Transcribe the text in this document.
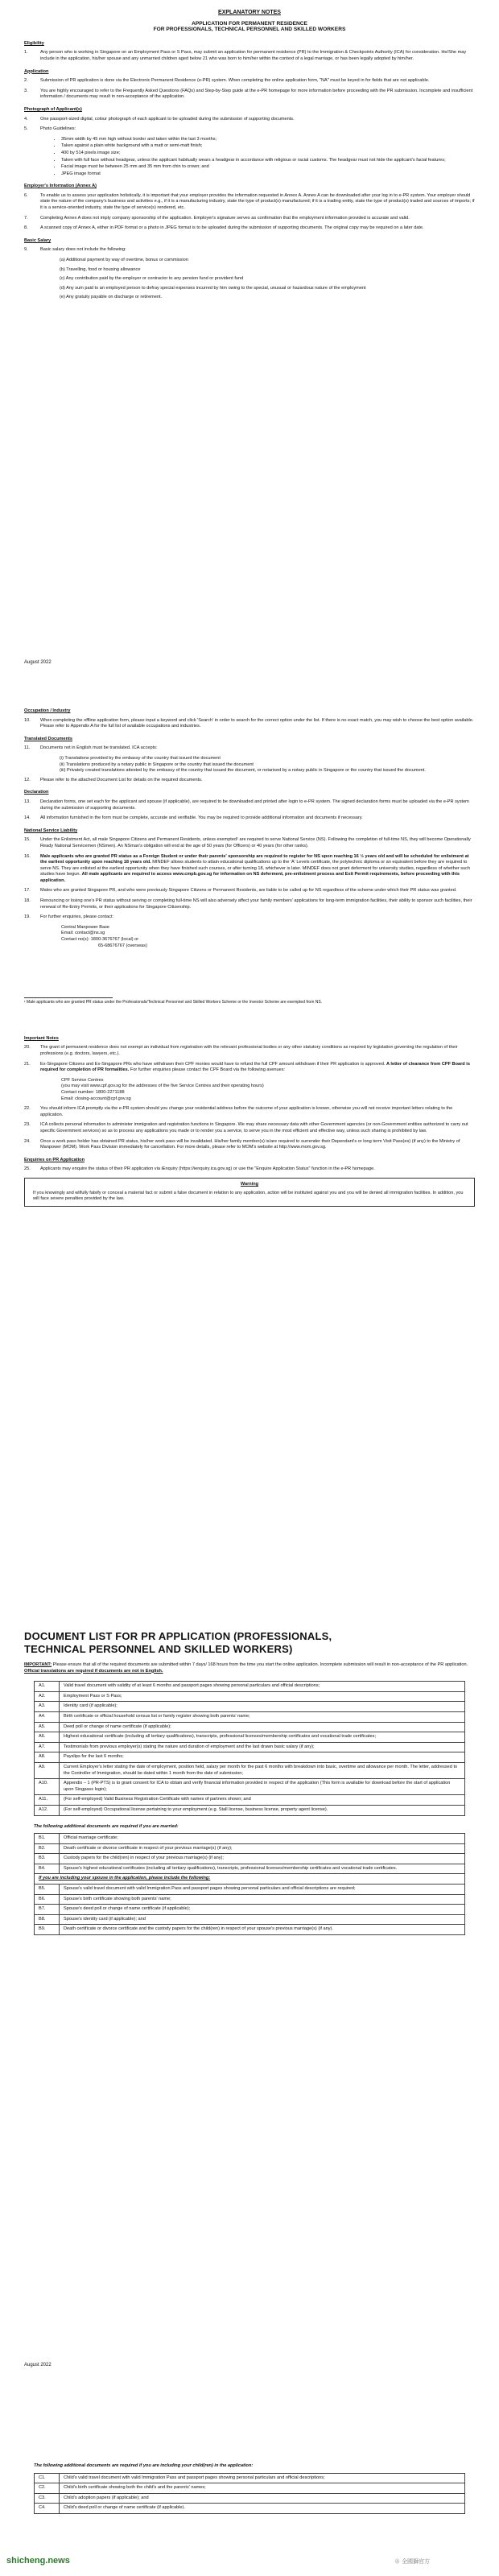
EXPLANATORY NOTES
APPLICATION FOR PERMANENT RESIDENCE
FOR PROFESSIONALS, TECHNICAL PERSONNEL AND SKILLED WORKERS
Eligibility
1.	Any person who is working in Singapore on an Employment Pass or S Pass, may submit an application for permanent residence (PR) to the Immigration & Checkpoints Authority (ICA) for consideration. He/She may include in the application, his/her spouse and any unmarried children aged below 21 who was born to him/her within the context of a legal marriage, or has been legally adopted by him/her.
Application
2.	Submission of PR application is done via the Electronic Permanent Residence (e-PR) system. When completing the online application form, "NA" must be keyed in for fields that are not applicable.
3.	You are highly encouraged to refer to the Frequently Asked Questions (FAQs) and Step-by-Step guide at the e-PR homepage for more information before proceeding with the PR submission. Incomplete and insufficient information / documents may result in non-acceptance of the application.
Photograph of Applicant(s)
4.	One passport-sized digital, colour photograph of each applicant to be uploaded during the submission of supporting documents.
5.	Photo Guidelines:
• 35mm width by 45 mm high without border and taken within the last 3 months;
• Taken against a plain white background with a matt or semi-matt finish;
• 400 by 514 pixels image size;
• Taken with full face without headgear, unless the applicant habitually wears a headgear in accordance with religious or racial customs. The headgear must not hide the applicant's facial features;
• Facial image must be between 25 mm and 35 mm from chin to crown; and
• JPEG image format
Employer's Information (Annex A)
6.	To enable us to assess your application holistically, it is important that your employer provides the information requested in Annex A. Annex A can be downloaded after your log in to e-PR system. Your employer should state the nature of the company's business and activities e.g., if it is a manufacturing industry, state the type of product(s) manufactured; if it is a trading entity, state the type of product(s) traded and sources of imports; if it is a service-oriented industry, state the type of service(s) rendered, etc.
7.	Completing Annex A does not imply company sponsorship of the application. Employer's signature serves as confirmation that the employment information provided is accurate and valid.
8.	A scanned copy of Annex A, either in PDF format or a photo in JPEG format is to be uploaded during the submission of supporting documents. The original copy may be required on a later date.
Basic Salary
9.	Basic salary does not include the following:
(a) Additional payment by way of overtime, bonus or commission
(b) Travelling, food or housing allowance
(c) Any contribution paid by the employer or contractor to any pension fund or provident fund
(d) Any sum paid to an employed person to defray special expenses incurred by him owing to the special, unusual or hazardous nature of the employment
(e) Any gratuity payable on discharge or retirement.
August 2022
Occupation / Industry
10.	When completing the offline application form, please input a keyword and click 'Search' in order to search for the correct option under the list. If there is no exact match, you may wish to choose the best option available. Please refer to Appendix A for the full list of available occupations and industries.
Translated Documents
11.	Documents not in English must be translated. ICA accepts:
(i) Translations provided by the embassy of the country that issued the document
(ii) Translations produced by a notary public in Singapore or the country that issued the document
(iii) Privately created translations attested by the embassy of the country that issued the document, or notarised by a notary public in Singapore or the country that issued the document.
12.	Please refer to the attached Document List for details on the required documents.
Declaration
13.	Declaration forms, one set each for the applicant and spouse (if applicable), are required to be downloaded and printed after login to e-PR system. The signed declaration forms must be uploaded via the e-PR system during the submission of supporting documents.
14.	All information furnished in the form must be complete, accurate and verifiable. You may be required to provide additional information and documents if necessary.
National Service Liability
15.	Under the Enlistment Act, all male Singapore Citizens and Permanent Residents, unless exempted¹ are required to serve National Service (NS). Following the completion of full-time NS, they will become Operationally Ready National Servicemen (NSmen). An NSman's obligation will end at the age of 50 years (for Officers) or 40 years (for other ranks).
16.	Male applicants who are granted PR status as a Foreign Student or under their parents' sponsorship are required to register for NS upon reaching 16 ½ years old and will be scheduled for enlistment at the earliest opportunity upon reaching 18 years old. MINDEF allows students to attain educational qualifications up to the 'A' Levels certificate, the polytechnic diploma or an equivalent before they are required to serve NS. They are enlisted at the earliest opportunity when they have finished such courses, or after turning 18, whichever is later. MINDEF does not grant deferment for university studies, regardless of whether such studies have begun. All male applicants are required to access www.cmpb.gov.sg for information on NS deferment, pre-enlistment process and Exit Permit requirements, before proceeding with this application.
17.	Males who are granted Singapore PR, and who were previously Singapore Citizens or Permanent Residents, are liable to be called up for NS regardless of the scheme under which their PR status was granted.
18.	Renouncing or losing one's PR status without serving or completing full-time NS will also adversely affect your family members' applications for long-term immigration facilities, their ability to sponsor such facilities, their renewal of Re-Entry Permits, or their applications for Singapore Citizenship.
19.	For further enquiries, please contact:
Central Manpower Base
Email: contact@ns.sg
Contact no(s): 1800-3676767 (local) or
65-68676767 (overseas)
¹ Male applicants who are granted PR status under the Professionals/Technical Personnel and Skilled Workers Scheme or the Investor Scheme are exempted from NS.
Important Notes
20.	The grant of permanent residence does not exempt an individual from registration with the relevant professional bodies or any other statutory conditions as required by legislation governing the regulation of their professions (e.g. doctors, lawyers, etc.).
21.	Ex-Singapore Citizens and Ex-Singapore PRs who have withdrawn their CPF monies would have to refund the full CPF amount withdrawn if their PR application is approved. A letter of clearance from CPF Board is required for completion of PR formalities. For further enquiries please contact the CPF Board via the following avenues:
CPF Service Centres
(you may visit www.cpf.gov.sg for the addresses of the five Service Centres and their operating hours)
Contact number: 1800-2271188
Email: closing-account@cpf.gov.sg
22.	You should inform ICA promptly via the e-PR system should you change your residential address before the outcome of your application is known, otherwise you will not receive important letters relating to the application.
23.	ICA collects personal information to administer immigration and registration functions in Singapore. We may share necessary data with other Government agencies (or non-Government entities authorized to carry out specific Government services) so as to process any applications you made or to render you a service, to serve you in the most efficient and effective way, unless such sharing is prohibited by law.
24.	Once a work pass holder has obtained PR status, his/her work pass will be invalidated. His/her family member(s) is/are required to surrender their Dependant's or long term Visit Pass(es) (if any) to the Ministry of Manpower (MOM). Work Pass Division immediately for cancellation. For more details, please refer to MOM's website at http://www.mom.gov.sg.
Enquiries on PR Application
25.	Applicants may enquire the status of their PR application via iEnquiry (https://ienquiry.ica.gov.sg) or use the "Enquire Application Status" function in the e-PR homepage.
Warning
If you knowingly and wilfully falsify or conceal a material fact or submit a false document in relation to any application, action will be instituted against you and you will be denied all immigration facilities. In addition, you will face severe penalties provided by the law.
DOCUMENT LIST FOR PR APPLICATION (PROFESSIONALS,
TECHNICAL PERSONNEL AND SKILLED WORKERS)
IMPORTANT: Please ensure that all of the required documents are submitted within 7 days/ 168 hours from the time you start the online application. Incomplete submission will result in non-acceptance of the PR application.
Official translations are required if documents are not in English.
A1.	Valid travel document with validity of at least 6 months and passport pages showing personal particulars and official descriptions;
A2.	Employment Pass or S Pass;
A3.	Identity card (if applicable);
A4.	Birth certificate or official household census list or family register showing both parents' name;
A5.	Deed poll or change of name certificate (if applicable);
A6.	Highest educational certificate (including all tertiary qualifications), transcripts, professional licenses/membership certificates and vocational trade certificates;
A7.	Testimonials from previous employer(s) stating the nature and duration of employment and the last drawn basic salary (if any);
A8.	Payslips for the last 6 months;
A9.	Current Employer's letter stating the date of employment, position held, salary per month for the past 6 months with breakdown into basic, overtime and allowance per month. The letter, addressed to the Controller of Immigration, should be dated within 1 month from the date of submission;
A10.	Appendix – 1 (PR-PTS) is to grant consent for ICA to obtain and verify financial information provided in respect of the application (This form is available for download before the start of application upon Singpass login);
A11.	(For self-employed) Valid Business Registration Certificate with names of partners shown; and
A12.	(For self-employed) Occupational license pertaining to your employment (e.g. Stall license, business license, property agent license).
The following additional documents are required if you are married:
B1.	Official marriage certificate;
B2.	Death certificate or divorce certificate in respect of your previous marriage(s) (if any);
B3.	Custody papers for the child(ren) in respect of your previous marriage(s) (if any);
B4.	Spouse's highest educational certificates (including all tertiary qualifications), transcripts, professional licenses/membership certificates and vocational trade certificates.
If you are including your spouse in the application, please include the following:	
B5.	Spouse's valid travel document with valid Immigration Pass and passport pages showing personal particulars and official descriptions are required;
B6.	Spouse's birth certificate showing both parents' name;
B7.	Spouse's deed poll or change of name certificate (if applicable);
B8.	Spouse's identity card (if applicable); and
B9.	Death certificate or divorce certificate and the custody papers for the child(ren) in respect of your spouse's previous marriage(s) (if any).
August 2022
The following additional documents are required if you are including your child(ren) in the application:
C1.	Child's valid travel document with valid Immigration Pass and passport pages showing personal particulars and official descriptions;
C2.	Child's birth certificate showing both the child's and the parents' names;
C3.	Child's adoption papers (if applicable); and
C4.	Child's deed poll or change of name certificate (if applicable).
shicheng.news	⊕ 全國獅官方
